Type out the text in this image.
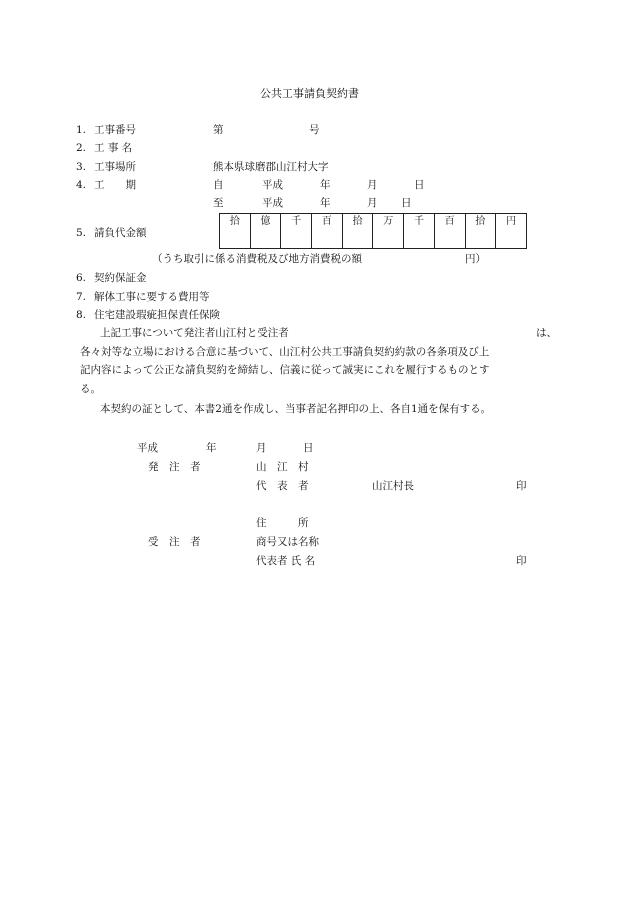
公共工事請負契約書
1. 工事番号	第	号
2. 工 事 名
3. 工事場所	熊本県球磨郡山江村大字
4. 工　　期	自	平成	年	月	日
至	平成	年	月 日
5. 請負代金額
拾	億	千	百	拾	万	千	百	拾	円
（うち取引に係る消費税及び地方消費税の額	円）
6. 契約保証金
7. 解体工事に要する費用等
8. 住宅建設瑕疵担保責任保険
上記工事について発注者山江村と受注者	は、
各々対等な立場における合意に基づいて、山江村公共工事請負契約約款の各条項及び上
記内容によって公正な請負契約を締結し、信義に従って誠実にこれを履行するものとす
る。
本契約の証として、本書2通を作成し、当事者記名押印の上、各自1通を保有する。
平成	年	月	日
発　注　者	山　江　村
代　表　者	山江村長	印
住　　　所
受　注　者	商号又は名称
代表者 氏 名	印
